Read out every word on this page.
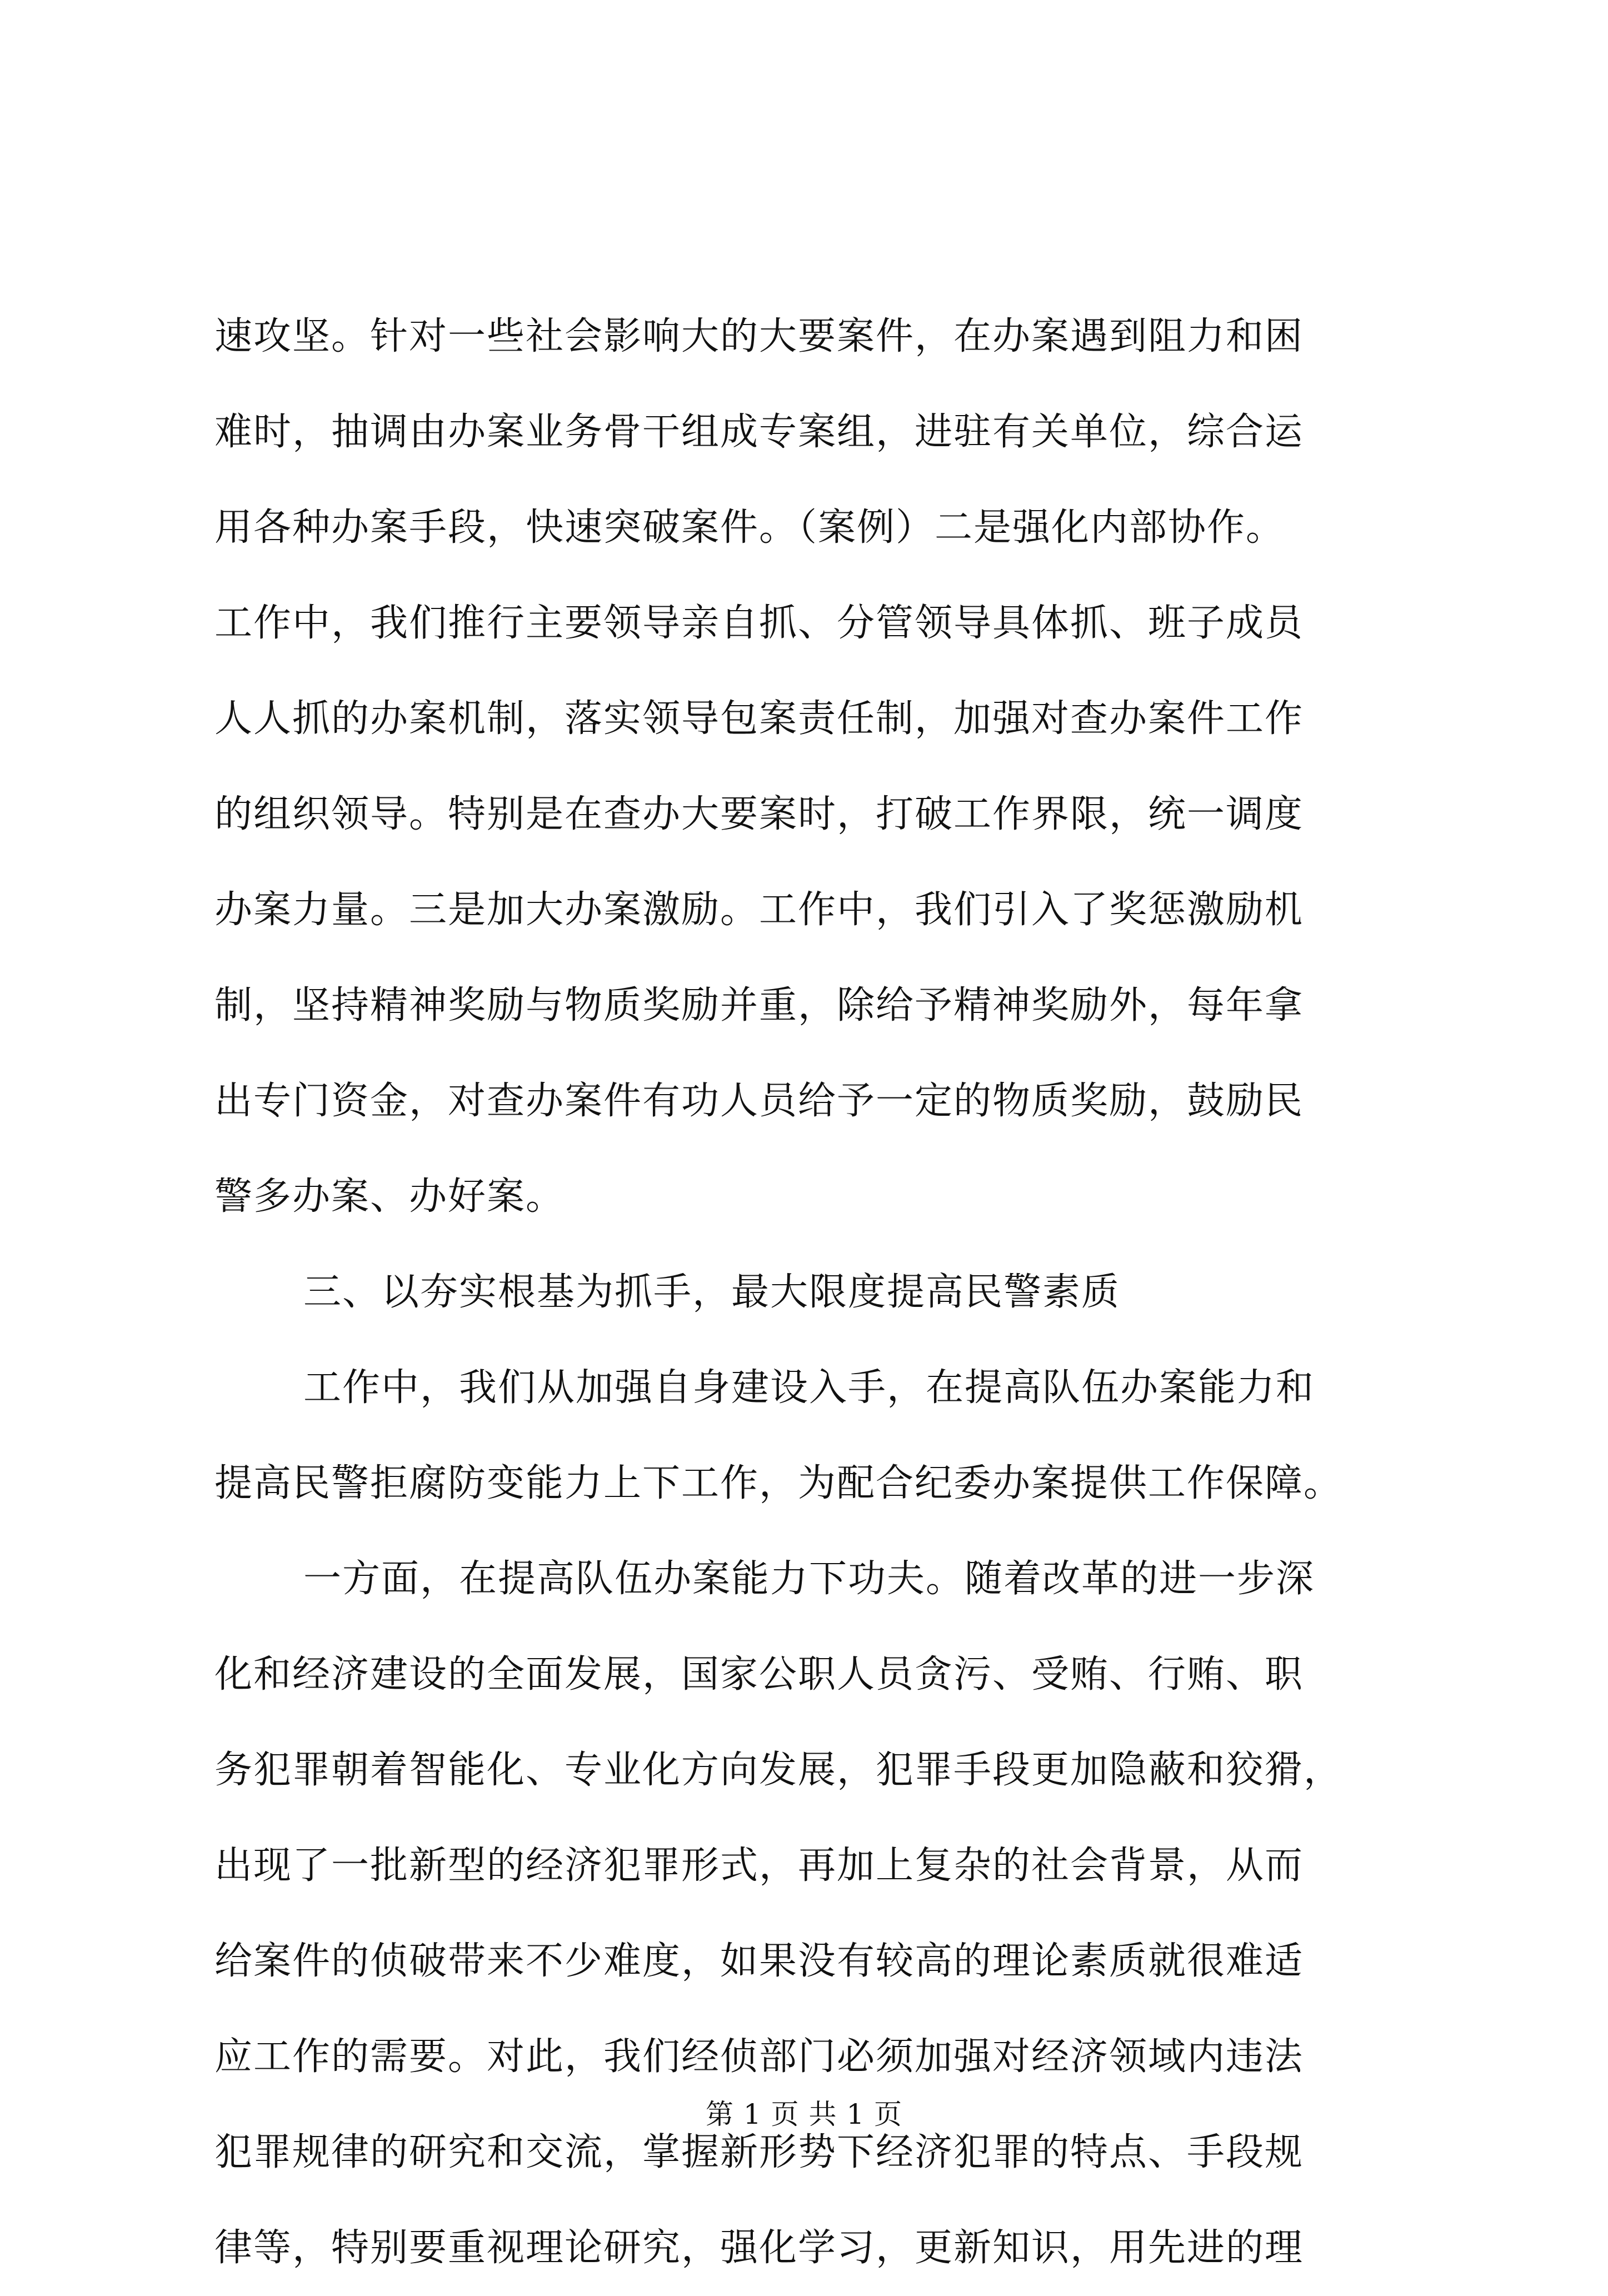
速攻坚。针对一些社会影响大的大要案件，在办案遇到阻力和困
难时，抽调由办案业务骨干组成专案组，进驻有关单位，综合运
用各种办案手段，快速突破案件。（案例）二是强化内部协作。
工作中，我们推行主要领导亲自抓、分管领导具体抓、班子成员
人人抓的办案机制，落实领导包案责任制，加强对查办案件工作
的组织领导。特别是在查办大要案时，打破工作界限，统一调度
办案力量。三是加大办案激励。工作中，我们引入了奖惩激励机
制，坚持精神奖励与物质奖励并重，除给予精神奖励外，每年拿
出专门资金，对查办案件有功人员给予一定的物质奖励，鼓励民
警多办案、办好案。
三、以夯实根基为抓手，最大限度提高民警素质
工作中，我们从加强自身建设入手，在提高队伍办案能力和
提高民警拒腐防变能力上下工作，为配合纪委办案提供工作保障。
一方面，在提高队伍办案能力下功夫。随着改革的进一步深
化和经济建设的全面发展，国家公职人员贪污、受贿、行贿、职
务犯罪朝着智能化、专业化方向发展，犯罪手段更加隐蔽和狡猾，
出现了一批新型的经济犯罪形式，再加上复杂的社会背景，从而
给案件的侦破带来不少难度，如果没有较高的理论素质就很难适
应工作的需要。对此，我们经侦部门必须加强对经济领域内违法
犯罪规律的研究和交流，掌握新形势下经济犯罪的特点、手段规
律等，特别要重视理论研究，强化学习，更新知识，用先进的理
第 1 页 共 1 页
